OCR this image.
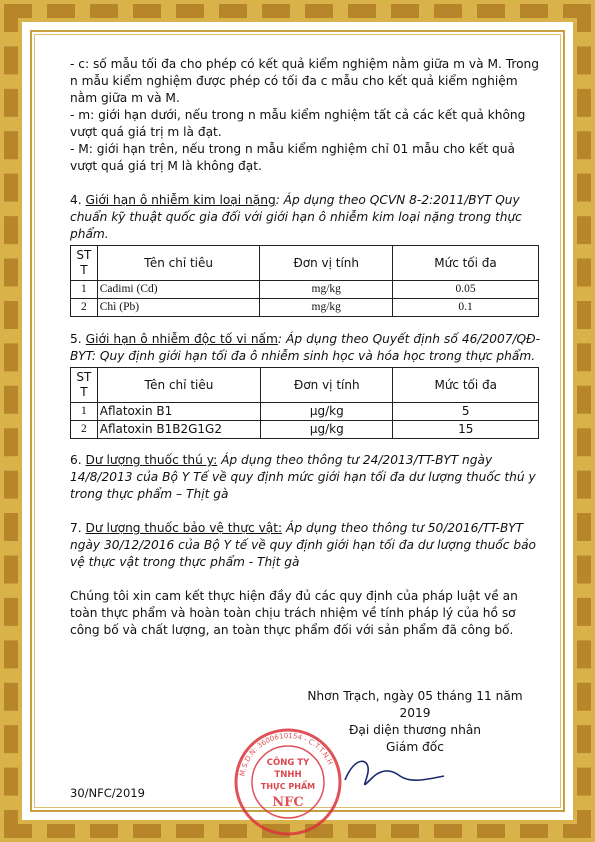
- c: số mẫu tối đa cho phép có kết quả kiểm nghiệm nằm giữa m và M. Trong n mẫu kiểm nghiệm được phép có tối đa c mẫu cho kết quả kiểm nghiệm nằm giữa m và M.

- m: giới hạn dưới, nếu trong n mẫu kiểm nghiệm tất cả các kết quả không vượt quá giá trị m là đạt.

- M: giới hạn trên, nếu trong n mẫu kiểm nghiệm chỉ 01 mẫu cho kết quả vượt quá giá trị M là không đạt.

4. Giới hạn ô nhiễm kim loại nặng: Áp dụng theo QCVN 8-2:2011/BYT Quy chuẩn kỹ thuật quốc gia đối với giới hạn ô nhiễm kim loại nặng trong thực phẩm.

ST T	Tên chỉ tiêu	Đơn vị tính	Mức tối đa
1	Cadimi (Cd)	mg/kg	0.05
2	Chì (Pb)	mg/kg	0.1

5. Giới hạn ô nhiễm độc tố vi nấm: Áp dụng theo Quyết định số 46/2007/QĐ-BYT: Quy định giới hạn tối đa ô nhiễm sinh học và hóa học trong thực phẩm.

ST T	Tên chỉ tiêu	Đơn vị tính	Mức tối đa
1	Aflatoxin B1	µg/kg	5
2	Aflatoxin B1B2G1G2	µg/kg	15

6. Dư lượng thuốc thú y: Áp dụng theo thông tư 24/2013/TT-BYT ngày 14/8/2013 của Bộ Y Tế về quy định mức giới hạn tối đa dư lượng thuốc thú y trong thực phẩm – Thịt gà

7. Dư lượng thuốc bảo vệ thực vật: Áp dụng theo thông tư 50/2016/TT-BYT ngày 30/12/2016 của Bộ Y tế về quy định giới hạn tối đa dư lượng thuốc bảo vệ thực vật trong thực phẩm - Thịt gà

Chúng tôi xin cam kết thực hiện đầy đủ các quy định của pháp luật về an toàn thực phẩm và hoàn toàn chịu trách nhiệm về tính pháp lý của hồ sơ công bố và chất lượng, an toàn thực phẩm đối với sản phẩm đã công bố.

Nhơn Trạch, ngày 05 tháng 11 năm 2019
Đại diện thương nhân
Giám đốc
M.S.D.N: 3600610154 - C.T.T.N.H
CÔNG TY
TNHH
THỰC PHẨM
NFC
30/NFC/2019
